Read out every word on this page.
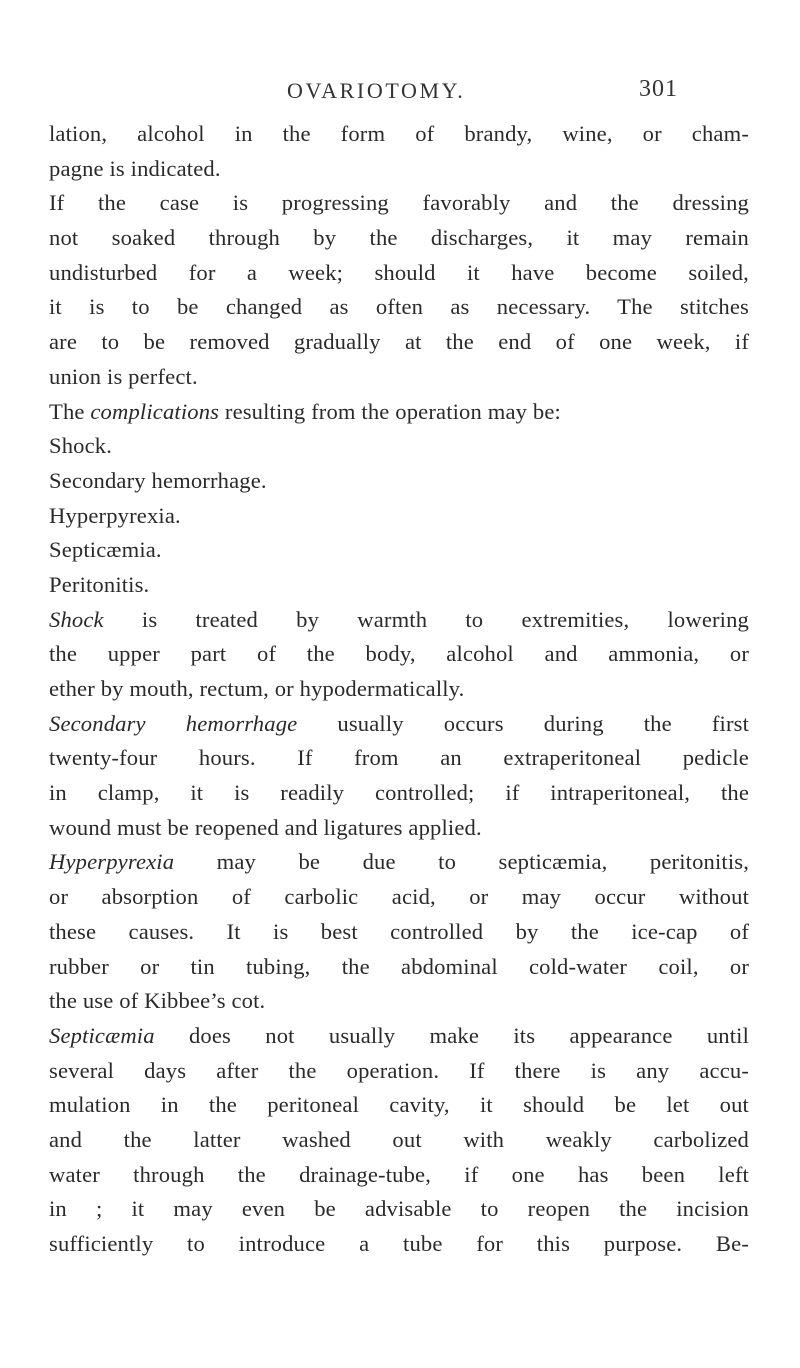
OVARIOTOMY.	301
lation, alcohol in the form of brandy, wine, or cham-
pagne is indicated.
If the case is progressing favorably and the dressing
not soaked through by the discharges, it may remain
undisturbed for a week; should it have become soiled,
it is to be changed as often as necessary. The stitches
are to be removed gradually at the end of one week, if
union is perfect.
The complications resulting from the operation may be:
Shock.
Secondary hemorrhage.
Hyperpyrexia.
Septicæmia.
Peritonitis.
Shock is treated by warmth to extremities, lowering
the upper part of the body, alcohol and ammonia, or
ether by mouth, rectum, or hypodermatically.
Secondary hemorrhage usually occurs during the first
twenty-four hours. If from an extraperitoneal pedicle
in clamp, it is readily controlled; if intraperitoneal, the
wound must be reopened and ligatures applied.
Hyperpyrexia may be due to septicæmia, peritonitis,
or absorption of carbolic acid, or may occur without
these causes. It is best controlled by the ice-cap of
rubber or tin tubing, the abdominal cold-water coil, or
the use of Kibbee’s cot.
Septicæmia does not usually make its appearance until
several days after the operation. If there is any accu-
mulation in the peritoneal cavity, it should be let out
and the latter washed out with weakly carbolized
water through the drainage-tube, if one has been left
in ; it may even be advisable to reopen the incision
sufficiently to introduce a tube for this purpose. Be-
